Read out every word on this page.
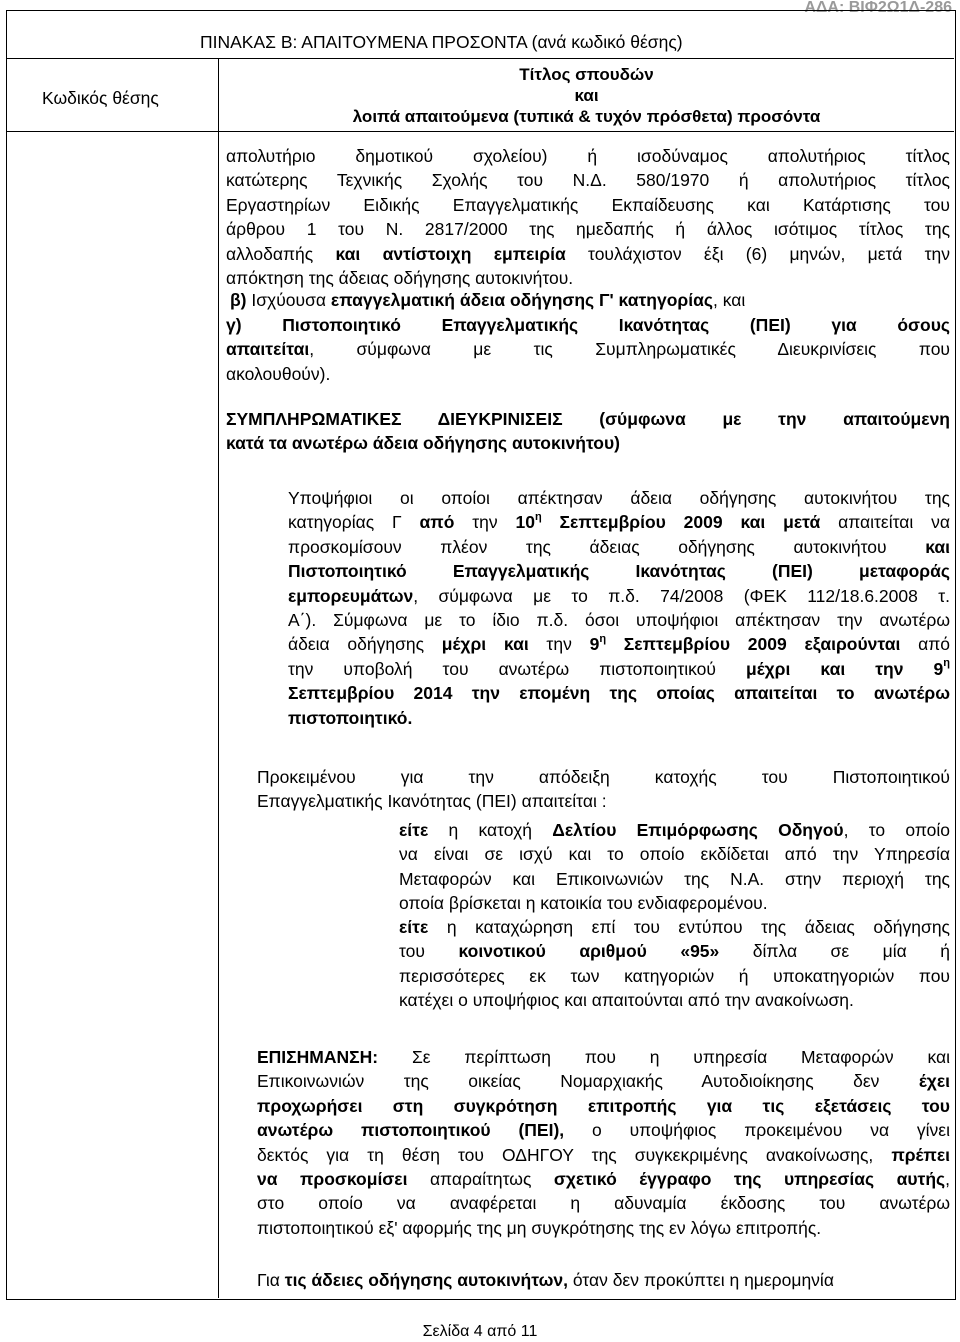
ΑΔΑ: ΒΙΦ2Ω1Δ-286
ΠΙΝΑΚΑΣ Β: ΑΠΑΙΤΟΥΜΕΝΑ ΠΡΟΣΟΝΤΑ (ανά κωδικό θέσης)
Κωδικός θέσης
Τίτλος σπουδών
και
λοιπά απαιτούμενα (τυπικά & τυχόν πρόσθετα) προσόντα
απολυτήριο δημοτικού σχολείου) ή ισοδύναμος απολυτήριος τίτλος
κατώτερης Τεχνικής Σχολής του Ν.Δ. 580/1970 ή απολυτήριος τίτλος
Εργαστηρίων Ειδικής Επαγγελματικής Εκπαίδευσης και Κατάρτισης του
άρθρου 1 του Ν. 2817/2000 της ημεδαπής ή άλλος ισότιμος τίτλος της
αλλοδαπής και αντίστοιχη εμπειρία τουλάχιστον έξι (6) μηνών, μετά την
απόκτηση της άδειας οδήγησης αυτοκινήτου.
β) Ισχύουσα επαγγελματική άδεια οδήγησης Γ' κατηγορίας, και
γ) Πιστοποιητικό Επαγγελματικής Ικανότητας (ΠΕΙ) για όσους
απαιτείται, σύμφωνα με τις Συμπληρωματικές Διευκρινίσεις που
ακολουθούν).
ΣΥΜΠΛΗΡΩΜΑΤΙΚΕΣ ΔΙΕΥΚΡΙΝΙΣΕΙΣ (σύμφωνα με την απαιτούμενη
κατά τα ανωτέρω άδεια οδήγησης αυτοκινήτου)
Υποψήφιοι οι οποίοι απέκτησαν άδεια οδήγησης αυτοκινήτου της
κατηγορίας Γ από την $10^\eta$ Σεπτεμβρίου 2009 και μετά απαιτείται να
προσκομίσουν πλέον της άδειας οδήγησης αυτοκινήτου και
Πιστοποιητικό Επαγγελματικής Ικανότητας (ΠΕΙ) μεταφοράς
εμπορευμάτων, σύμφωνα με το π.δ. 74/2008 (ΦΕΚ 112/18.6.2008 τ.
Α΄). Σύμφωνα με το ίδιο π.δ. όσοι υποψήφιοι απέκτησαν την ανωτέρω
άδεια οδήγησης μέχρι και την $9^\eta$ Σεπτεμβρίου 2009 εξαιρούνται από
την υποβολή του ανωτέρω πιστοποιητικού μέχρι και την $9^\eta$
Σεπτεμβρίου 2014 την επομένη της οποίας απαιτείται το ανωτέρω
πιστοποιητικό.
Προκειμένου για την απόδειξη κατοχής του Πιστοποιητικού
Επαγγελματικής Ικανότητας (ΠΕΙ) απαιτείται :
είτε η κατοχή Δελτίου Επιμόρφωσης Οδηγού, το οποίο
να είναι σε ισχύ και το οποίο εκδίδεται από την Υπηρεσία
Μεταφορών και Επικοινωνιών της Ν.Α. στην περιοχή της
οποία βρίσκεται η κατοικία του ενδιαφερομένου.
είτε η καταχώρηση επί του εντύπου της άδειας οδήγησης
του κοινοτικού αριθμού «95» δίπλα σε μία ή
περισσότερες εκ των κατηγοριών ή υποκατηγοριών που
κατέχει ο υποψήφιος και απαιτούνται από την ανακοίνωση.
ΕΠΙΣΗΜΑΝΣΗ: Σε περίπτωση που η υπηρεσία Μεταφορών και
Επικοινωνιών της οικείας Νομαρχιακής Αυτοδιοίκησης δεν έχει
προχωρήσει στη συγκρότηση επιτροπής για τις εξετάσεις του
ανωτέρω πιστοποιητικού (ΠΕΙ), ο υποψήφιος προκειμένου να γίνει
δεκτός για τη θέση του ΟΔΗΓΟΥ της συγκεκριμένης ανακοίνωσης, πρέπει
να προσκομίσει απαραίτητως σχετικό έγγραφο της υπηρεσίας αυτής,
στο οποίο να αναφέρεται η αδυναμία έκδοσης του ανωτέρω
πιστοποιητικού εξ' αφορμής της μη συγκρότησης της εν λόγω επιτροπής.
Για τις άδειες οδήγησης αυτοκινήτων, όταν δεν προκύπτει η ημερομηνία
Σελίδα 4 από 11
